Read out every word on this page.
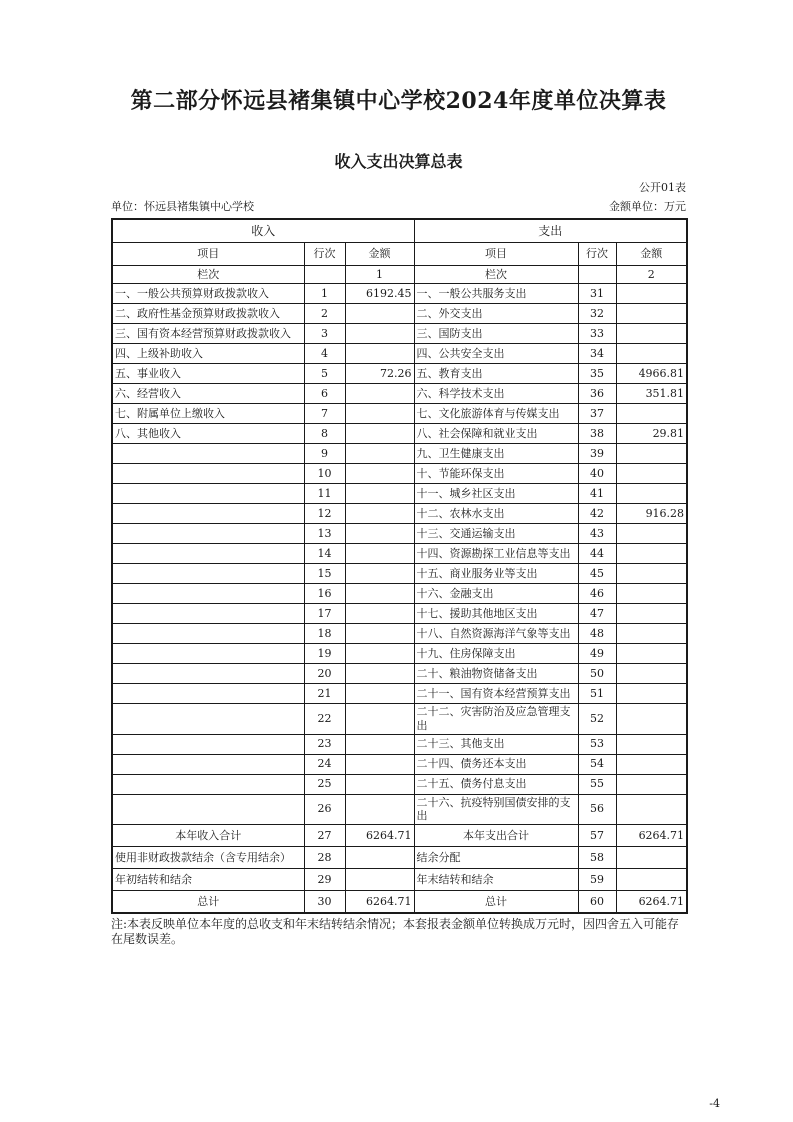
第二部分怀远县褚集镇中心学校2024年度单位决算表
收入支出决算总表
公开01表
单位：怀远县褚集镇中心学校	金额单位：万元
收入			支出		
项目	行次	金额	项目	行次	金额
栏次		1	栏次		2
一、一般公共预算财政拨款收入	1	6192.45	一、一般公共服务支出	31	
二、政府性基金预算财政拨款收入	2		二、外交支出	32	
三、国有资本经营预算财政拨款收入	3		三、国防支出	33	
四、上级补助收入	4		四、公共安全支出	34	
五、事业收入	5	72.26	五、教育支出	35	4966.81
六、经营收入	6		六、科学技术支出	36	351.81
七、附属单位上缴收入	7		七、文化旅游体育与传媒支出	37	
八、其他收入	8		八、社会保障和就业支出	38	29.81
	9		九、卫生健康支出	39	
	10		十、节能环保支出	40	
	11		十一、城乡社区支出	41	
	12		十二、农林水支出	42	916.28
	13		十三、交通运输支出	43	
	14		十四、资源勘探工业信息等支出	44	
	15		十五、商业服务业等支出	45	
	16		十六、金融支出	46	
	17		十七、援助其他地区支出	47	
	18		十八、自然资源海洋气象等支出	48	
	19		十九、住房保障支出	49	
	20		二十、粮油物资储备支出	50	
	21		二十一、国有资本经营预算支出	51	
	22		二十二、灾害防治及应急管理支出	52	
	23		二十三、其他支出	53	
	24		二十四、债务还本支出	54	
	25		二十五、债务付息支出	55	
	26		二十六、抗疫特别国债安排的支出	56	
本年收入合计	27	6264.71	本年支出合计	57	6264.71
使用非财政拨款结余（含专用结余）	28		结余分配	58	
年初结转和结余	29		年末结转和结余	59	
总计	30	6264.71	总计	60	6264.71
注:本表反映单位本年度的总收支和年末结转结余情况；本套报表金额单位转换成万元时，因四舍五入可能存在尾数误差。
-4
